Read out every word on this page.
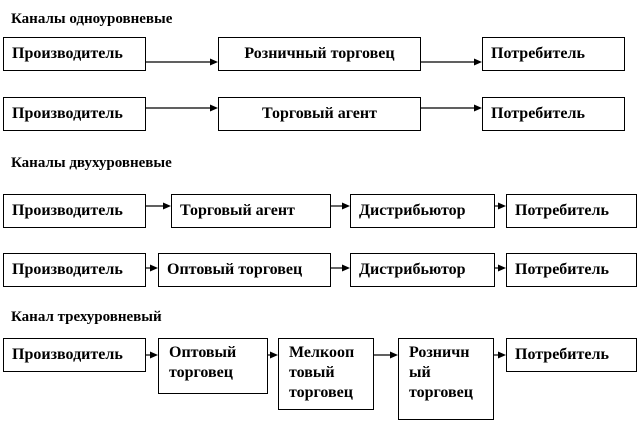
Каналы одноуровневые
Производитель	Розничный торговец	Потребитель
Производитель	Торговый агент	Потребитель
Каналы двухуровневые
Производитель	Торговый агент	Дистрибьютор	Потребитель
Производитель	Оптовый торговец	Дистрибьютор	Потребитель
Канал трехуровневый
Производитель	Оптовый
торговец
Мелкооп
товый
торговец
Розничн
ый
торговец
Потребитель
